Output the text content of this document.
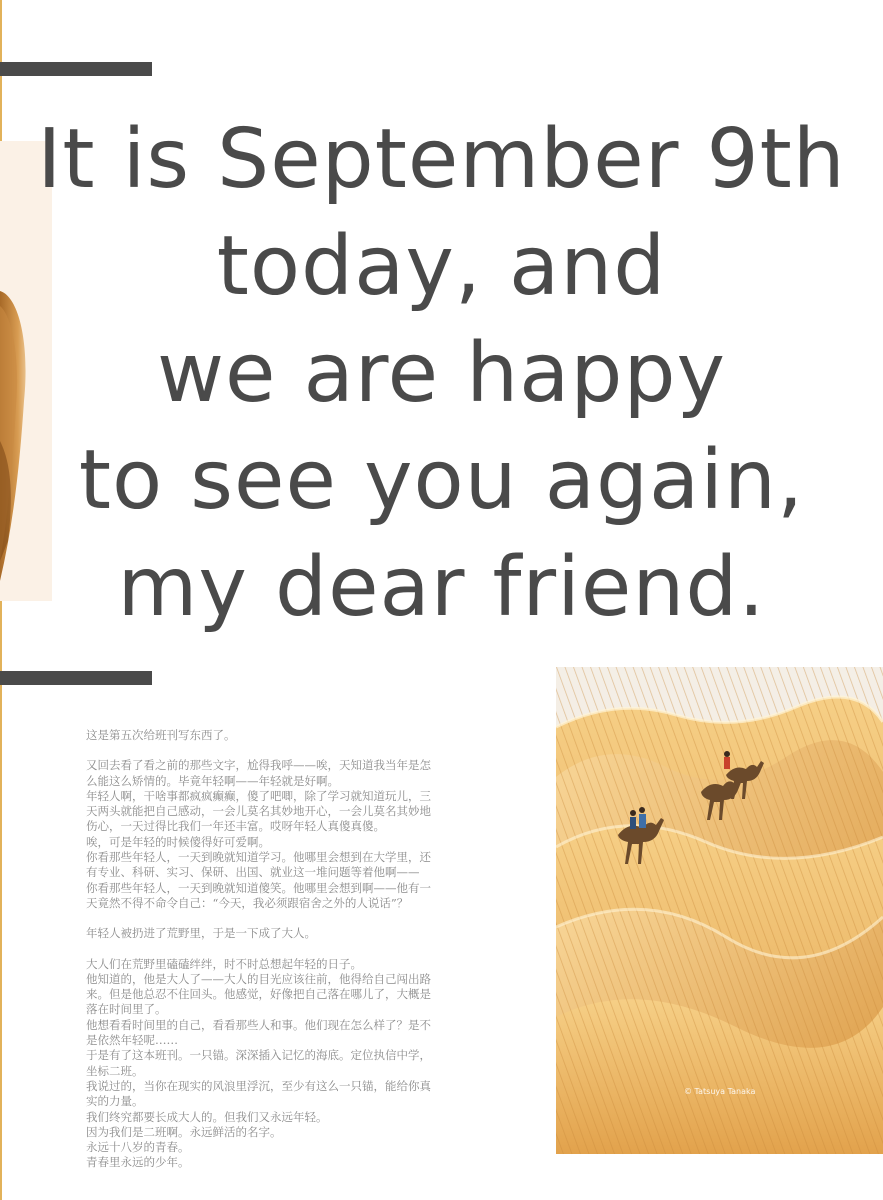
It is September 9th
today, and
we are happy
to see you again,
my dear friend.

这是第五次给班刊写东西了。

又回去看了看之前的那些文字，尬得我呼——唉，天知道我当年是怎么能这么矫情的。毕竟年轻啊——年轻就是好啊。

年轻人啊，干啥事都疯疯癫癫，傻了吧唧，除了学习就知道玩儿，三天两头就能把自己感动，一会儿莫名其妙地开心，一会儿莫名其妙地伤心，一天过得比我们一年还丰富。哎呀年轻人真傻真傻。

唉，可是年轻的时候傻得好可爱啊。

你看那些年轻人，一天到晚就知道学习。他哪里会想到在大学里，还有专业、科研、实习、保研、出国、就业这一堆问题等着他啊——

你看那些年轻人，一天到晚就知道傻笑。他哪里会想到啊——他有一天竟然不得不命令自己：“今天，我必须跟宿舍之外的人说话”？

年轻人被扔进了荒野里，于是一下成了大人。

大人们在荒野里磕磕绊绊，时不时总想起年轻的日子。

他知道的，他是大人了——大人的目光应该往前，他得给自己闯出路来。但是他总忍不住回头。他感觉，好像把自己落在哪儿了，大概是落在时间里了。

他想看看时间里的自己，看看那些人和事。他们现在怎么样了？是不是依然年轻呢……

于是有了这本班刊。一只锚。深深插入记忆的海底。定位执信中学，坐标二班。

我说过的，当你在现实的风浪里浮沉，至少有这么一只锚，能给你真实的力量。

我们终究都要长成大人的。但我们又永远年轻。

因为我们是二班啊。永远鲜活的名字。

永远十八岁的青春。

青春里永远的少年。

© Tatsuya Tanaka
